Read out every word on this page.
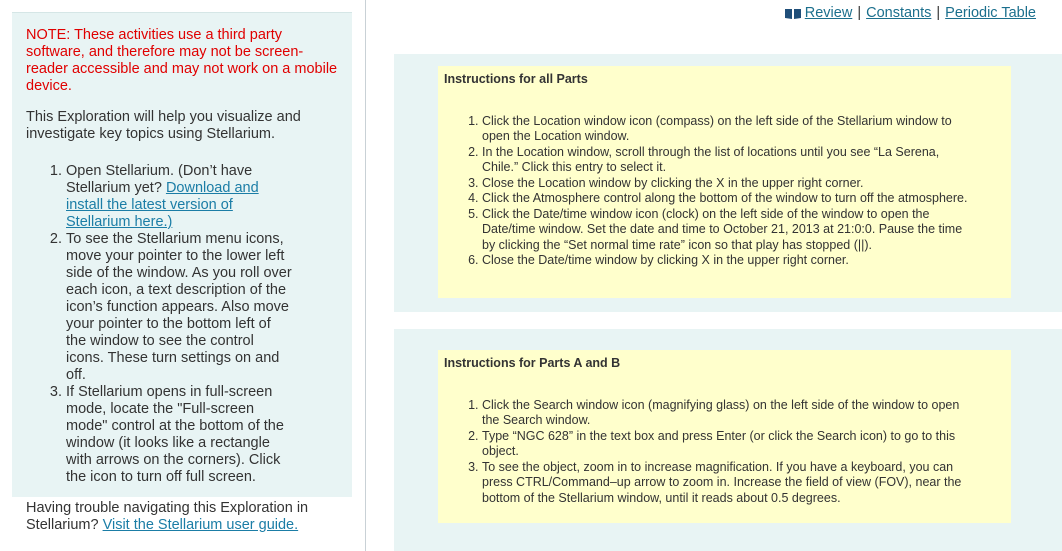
NOTE: These activities use a third party software, and therefore may not be screen-reader accessible and may not work on a mobile device.

This Exploration will help you visualize and investigate key topics using Stellarium.

1. Open Stellarium. (Don’t have Stellarium yet? Download and install the latest version of Stellarium here.)
2. To see the Stellarium menu icons, move your pointer to the lower left side of the window. As you roll over each icon, a text description of the icon’s function appears. Also move your pointer to the bottom left of the window to see the control icons. These turn settings on and off.
3. If Stellarium opens in full-screen mode, locate the "Full-screen mode" control at the bottom of the window (it looks like a rectangle with arrows on the corners). Click the icon to turn off full screen.

Having trouble navigating this Exploration in Stellarium? Visit the Stellarium user guide.

Review | Constants | Periodic Table
Instructions for all Parts
1. Click the Location window icon (compass) on the left side of the Stellarium window to open the Location window.
2. In the Location window, scroll through the list of locations until you see “La Serena, Chile.” Click this entry to select it.
3. Close the Location window by clicking the X in the upper right corner.
4. Click the Atmosphere control along the bottom of the window to turn off the atmosphere.
5. Click the Date/time window icon (clock) on the left side of the window to open the Date/time window. Set the date and time to October 21, 2013 at 21:0:0. Pause the time by clicking the “Set normal time rate” icon so that play has stopped (||).
6. Close the Date/time window by clicking X in the upper right corner.
Instructions for Parts A and B
1. Click the Search window icon (magnifying glass) on the left side of the window to open the Search window.
2. Type “NGC 628” in the text box and press Enter (or click the Search icon) to go to this object.
3. To see the object, zoom in to increase magnification. If you have a keyboard, you can press CTRL/Command–up arrow to zoom in. Increase the field of view (FOV), near the bottom of the Stellarium window, until it reads about 0.5 degrees.
